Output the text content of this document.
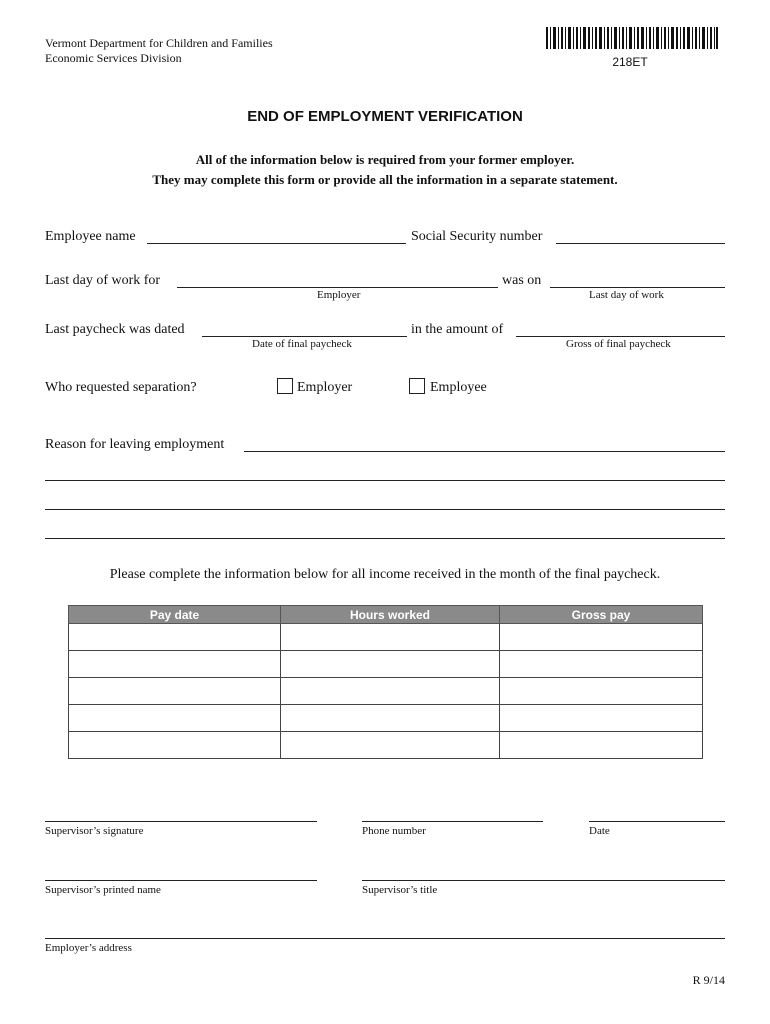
Vermont Department for Children and Families
Economic Services Division	218ET
END OF EMPLOYMENT VERIFICATION
All of the information below is required from your former employer.
They may complete this form or provide all the information in a separate statement.
Employee name	Social Security number
Last day of work for	was on
Employer	Last day of work
Last paycheck was dated	in the amount of
Date of final paycheck	Gross of final paycheck
Who requested separation?	Employer	Employee
Reason for leaving employment
Please complete the information below for all income received in the month of the final paycheck.
Pay date	Hours worked	Gross pay

Supervisor’s signature	Phone number	Date
Supervisor’s printed name	Supervisor’s title
Employer’s address
R 9/14
